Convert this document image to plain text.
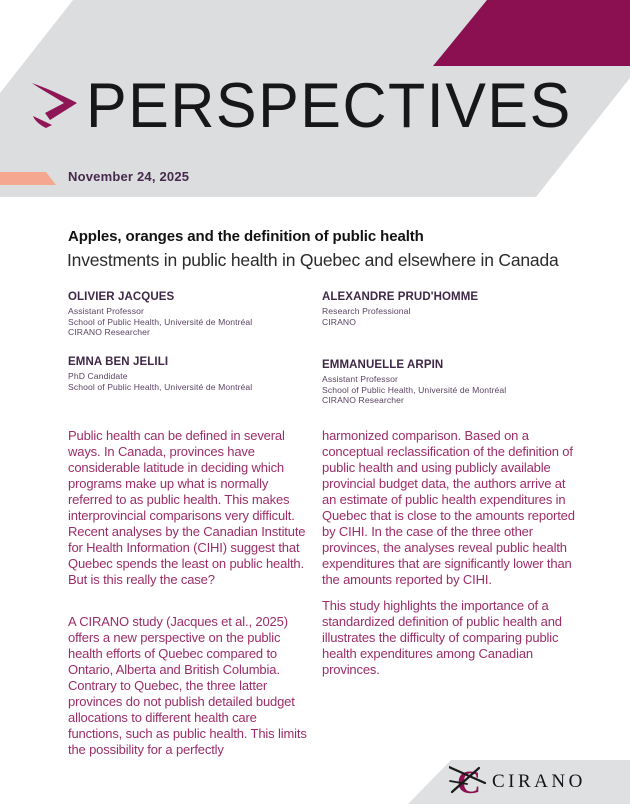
PERSPECTIVES
November 24, 2025
Apples, oranges and the definition of public health
Investments in public health in Quebec and elsewhere in Canada
OLIVIER JACQUES
Assistant Professor
School of Public Health, Université de Montréal
CIRANO Researcher
ALEXANDRE PRUD'HOMME
Research Professional
CIRANO
EMNA BEN JELILI
PhD Candidate
School of Public Health, Université de Montréal
EMMANUELLE ARPIN
Assistant Professor
School of Public Health, Université de Montréal
CIRANO Researcher

Public health can be defined in several ways. In Canada, provinces have considerable latitude in deciding which programs make up what is normally referred to as public health. This makes interprovincial comparisons very difficult. Recent analyses by the Canadian Institute for Health Information (CIHI) suggest that Quebec spends the least on public health. But is this really the case?

A CIRANO study (Jacques et al., 2025) offers a new perspective on the public health efforts of Quebec compared to Ontario, Alberta and British Columbia. Contrary to Quebec, the three latter provinces do not publish detailed budget allocations to different health care functions, such as public health. This limits the possibility for a perfectly

harmonized comparison. Based on a conceptual reclassification of the definition of public health and using publicly available provincial budget data, the authors arrive at an estimate of public health expenditures in Quebec that is close to the amounts reported by CIHI. In the case of the three other provinces, the analyses reveal public health expenditures that are significantly lower than the amounts reported by CIHI.

This study highlights the importance of a standardized definition of public health and illustrates the difficulty of comparing public health expenditures among Canadian provinces.

C CIRANO
